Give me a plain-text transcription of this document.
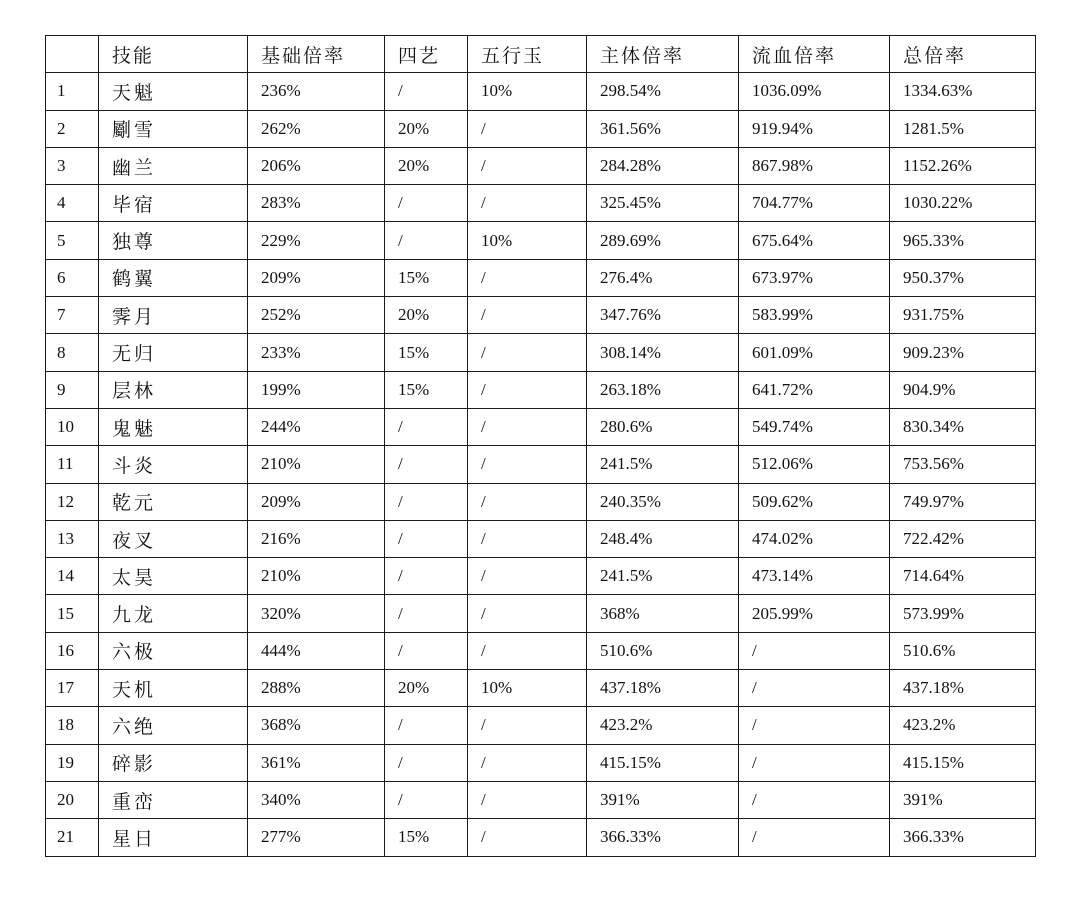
	技能	基础倍率	四艺	五行玉	主体倍率	流血倍率	总倍率
1	天魁	236%	/	10%	298.54%	1036.09%	1334.63%
2	劚雪	262%	20%	/	361.56%	919.94%	1281.5%
3	幽兰	206%	20%	/	284.28%	867.98%	1152.26%
4	毕宿	283%	/	/	325.45%	704.77%	1030.22%
5	独尊	229%	/	10%	289.69%	675.64%	965.33%
6	鹤翼	209%	15%	/	276.4%	673.97%	950.37%
7	霁月	252%	20%	/	347.76%	583.99%	931.75%
8	无归	233%	15%	/	308.14%	601.09%	909.23%
9	层林	199%	15%	/	263.18%	641.72%	904.9%
10	鬼魅	244%	/	/	280.6%	549.74%	830.34%
11	斗炎	210%	/	/	241.5%	512.06%	753.56%
12	乾元	209%	/	/	240.35%	509.62%	749.97%
13	夜叉	216%	/	/	248.4%	474.02%	722.42%
14	太昊	210%	/	/	241.5%	473.14%	714.64%
15	九龙	320%	/	/	368%	205.99%	573.99%
16	六极	444%	/	/	510.6%	/	510.6%
17	天机	288%	20%	10%	437.18%	/	437.18%
18	六绝	368%	/	/	423.2%	/	423.2%
19	碎影	361%	/	/	415.15%	/	415.15%
20	重峦	340%	/	/	391%	/	391%
21	星日	277%	15%	/	366.33%	/	366.33%
